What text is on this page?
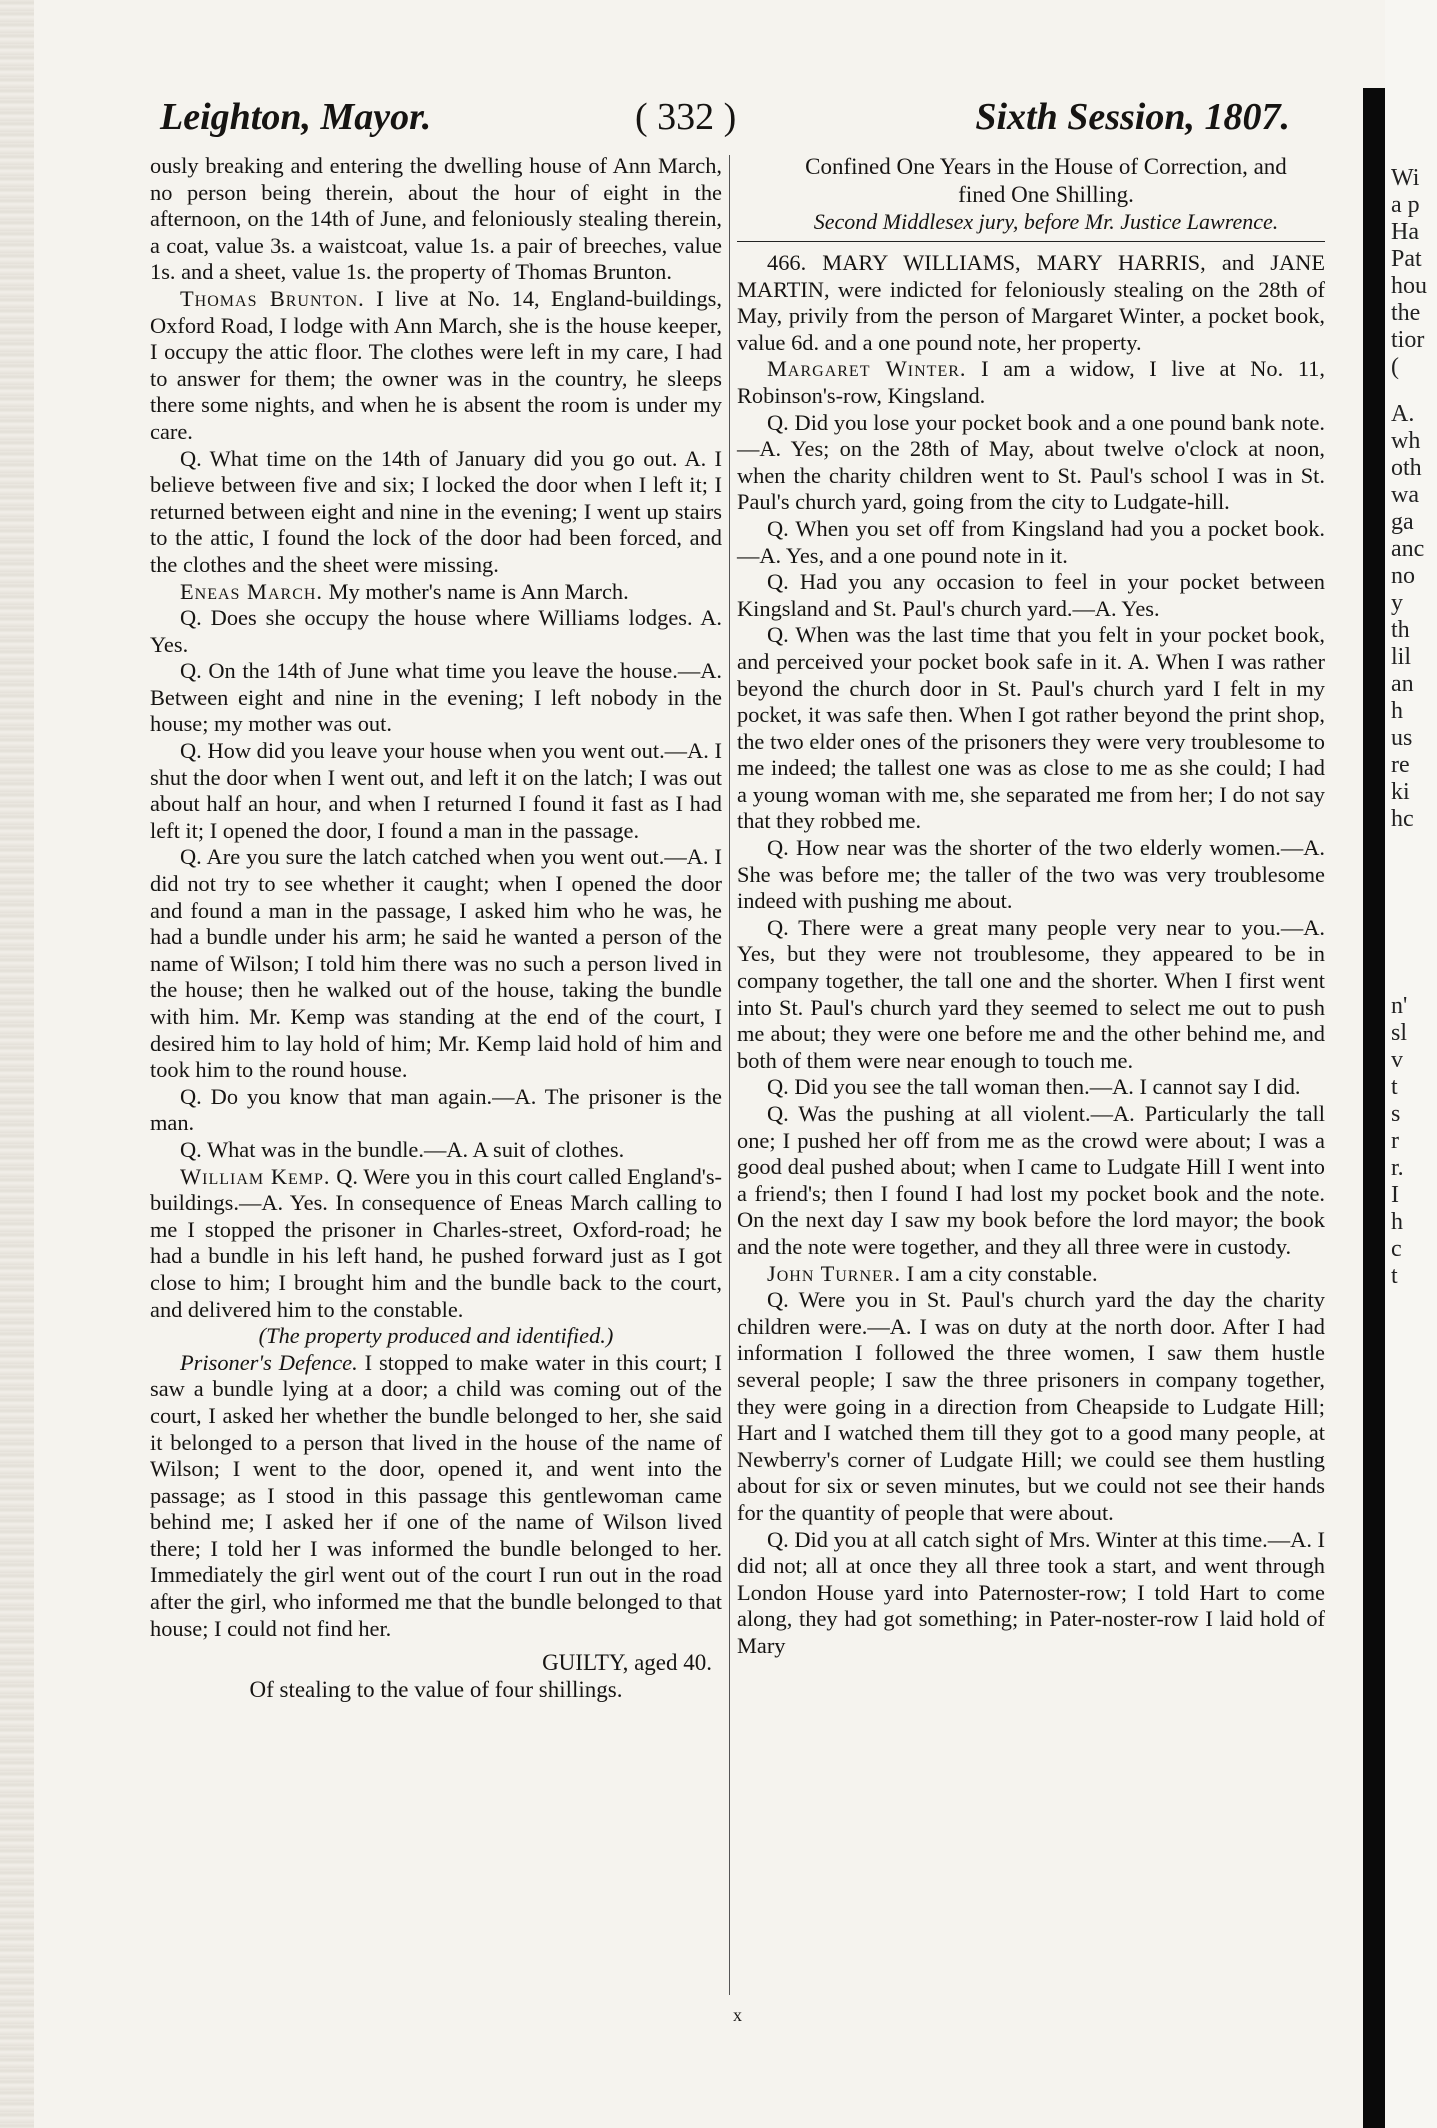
Leighton, Mayor.	( 332 )	Sixth Session, 1807.

ously breaking and entering the dwelling house of Ann March, no person being therein, about the hour of eight in the afternoon, on the 14th of June, and feloniously stealing therein, a coat, value 3s. a waistcoat, value 1s. a pair of breeches, value 1s. and a sheet, value 1s. the property of Thomas Brunton.

Thomas Brunton. I live at No. 14, England-buildings, Oxford Road, I lodge with Ann March, she is the house keeper, I occupy the attic floor. The clothes were left in my care, I had to answer for them; the owner was in the country, he sleeps there some nights, and when he is absent the room is under my care.

Q. What time on the 14th of January did you go out. A. I believe between five and six; I locked the door when I left it; I returned between eight and nine in the evening; I went up stairs to the attic, I found the lock of the door had been forced, and the clothes and the sheet were missing.

Eneas March. My mother's name is Ann March.

Q. Does she occupy the house where Williams lodges. A. Yes.

Q. On the 14th of June what time you leave the house.—A. Between eight and nine in the evening; I left nobody in the house; my mother was out.

Q. How did you leave your house when you went out.—A. I shut the door when I went out, and left it on the latch; I was out about half an hour, and when I returned I found it fast as I had left it; I opened the door, I found a man in the passage.

Q. Are you sure the latch catched when you went out.—A. I did not try to see whether it caught; when I opened the door and found a man in the passage, I asked him who he was, he had a bundle under his arm; he said he wanted a person of the name of Wilson; I told him there was no such a person lived in the house; then he walked out of the house, taking the bundle with him. Mr. Kemp was standing at the end of the court, I desired him to lay hold of him; Mr. Kemp laid hold of him and took him to the round house.

Q. Do you know that man again.—A. The prisoner is the man.

Q. What was in the bundle.—A. A suit of clothes.

William Kemp. Q. Were you in this court called England's-buildings.—A. Yes. In consequence of Eneas March calling to me I stopped the prisoner in Charles-street, Oxford-road; he had a bundle in his left hand, he pushed forward just as I got close to him; I brought him and the bundle back to the court, and delivered him to the constable.

(The property produced and identified.)

Prisoner's Defence. I stopped to make water in this court; I saw a bundle lying at a door; a child was coming out of the court, I asked her whether the bundle belonged to her, she said it belonged to a person that lived in the house of the name of Wilson; I went to the door, opened it, and went into the passage; as I stood in this passage this gentlewoman came behind me; I asked her if one of the name of Wilson lived there; I told her I was informed the bundle belonged to her. Immediately the girl went out of the court I run out in the road after the girl, who informed me that the bundle belonged to that house; I could not find her.

GUILTY, aged 40.

Of stealing to the value of four shillings.

Confined One Years in the House of Correction, and

fined One Shilling.

Second Middlesex jury, before Mr. Justice Lawrence.

466. MARY WILLIAMS, MARY HARRIS, and JANE MARTIN, were indicted for feloniously stealing on the 28th of May, privily from the person of Margaret Winter, a pocket book, value 6d. and a one pound note, her property.

Margaret Winter. I am a widow, I live at No. 11, Robinson's-row, Kingsland.

Q. Did you lose your pocket book and a one pound bank note.—A. Yes; on the 28th of May, about twelve o'clock at noon, when the charity children went to St. Paul's school I was in St. Paul's church yard, going from the city to Ludgate-hill.

Q. When you set off from Kingsland had you a pocket book.—A. Yes, and a one pound note in it.

Q. Had you any occasion to feel in your pocket between Kingsland and St. Paul's church yard.—A. Yes.

Q. When was the last time that you felt in your pocket book, and perceived your pocket book safe in it. A. When I was rather beyond the church door in St. Paul's church yard I felt in my pocket, it was safe then. When I got rather beyond the print shop, the two elder ones of the prisoners they were very troublesome to me indeed; the tallest one was as close to me as she could; I had a young woman with me, she separated me from her; I do not say that they robbed me.

Q. How near was the shorter of the two elderly women.—A. She was before me; the taller of the two was very troublesome indeed with pushing me about.

Q. There were a great many people very near to you.—A. Yes, but they were not troublesome, they appeared to be in company together, the tall one and the shorter. When I first went into St. Paul's church yard they seemed to select me out to push me about; they were one before me and the other behind me, and both of them were near enough to touch me.

Q. Did you see the tall woman then.—A. I cannot say I did.

Q. Was the pushing at all violent.—A. Particularly the tall one; I pushed her off from me as the crowd were about; I was a good deal pushed about; when I came to Ludgate Hill I went into a friend's; then I found I had lost my pocket book and the note. On the next day I saw my book before the lord mayor; the book and the note were together, and they all three were in custody.

John Turner. I am a city constable.

Q. Were you in St. Paul's church yard the day the charity children were.—A. I was on duty at the north door. After I had information I followed the three women, I saw them hustle several people; I saw the three prisoners in company together, they were going in a direction from Cheapside to Ludgate Hill; Hart and I watched them till they got to a good many people, at Newberry's corner of Ludgate Hill; we could see them hustling about for six or seven minutes, but we could not see their hands for the quantity of people that were about.

Q. Did you at all catch sight of Mrs. Winter at this time.—A. I did not; all at once they all three took a start, and went through London House yard into Paternoster-row; I told Hart to come along, they had got something; in Pater-noster-row I laid hold of Mary

Wi
a p
Ha
Pat
hou
the
tior
(
A.
wh
oth
wa
ga
anc
no
y
th
lil
an
h
us
re
ki
hc
n'
sl
v
t
s
r
r.
I
h
c
t
x
